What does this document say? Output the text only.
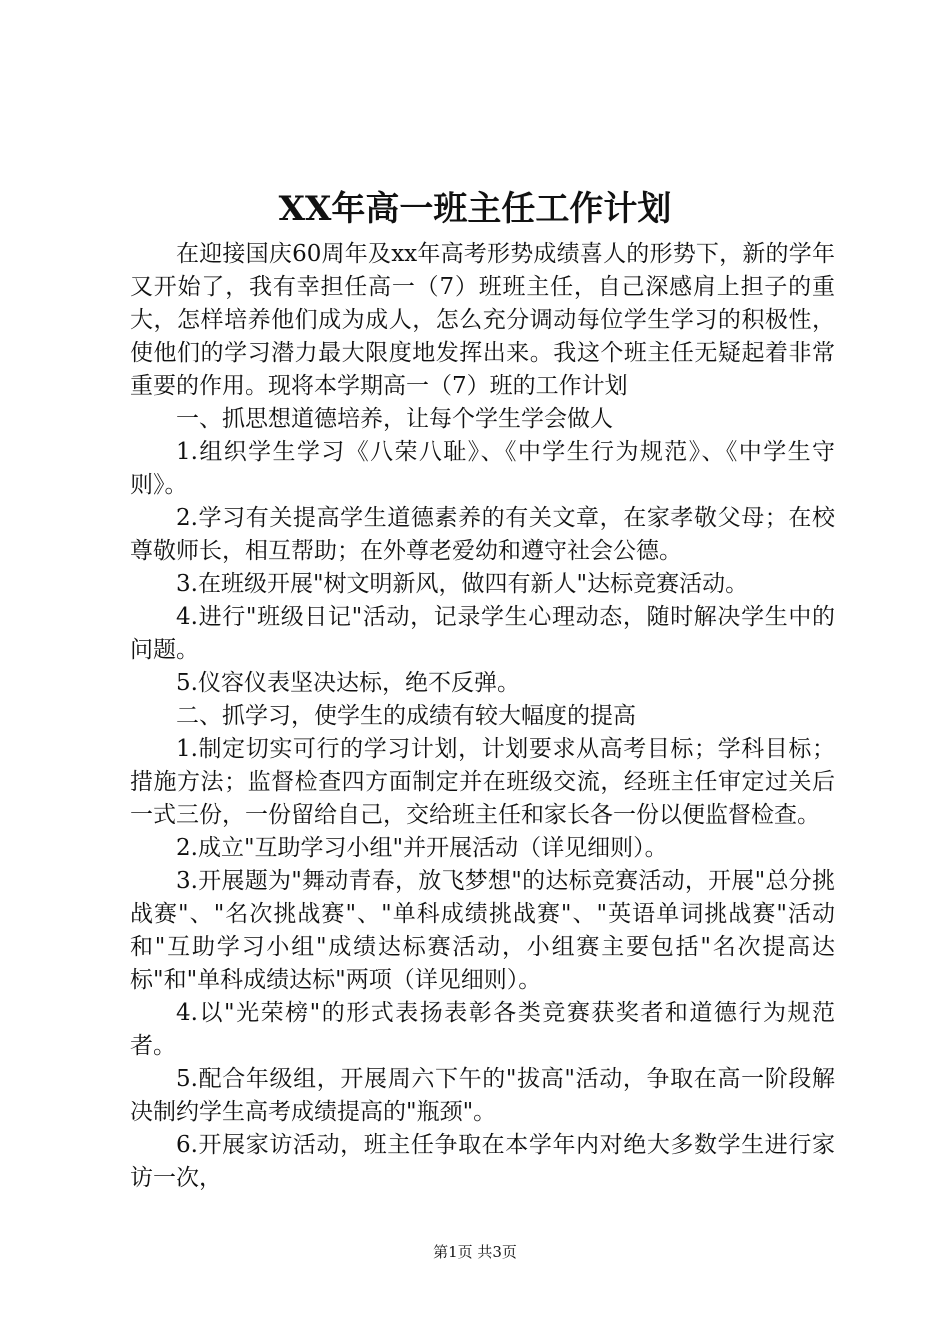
XX年高一班主任工作计划

在迎接国庆60周年及xx年高考形势成绩喜人的形势下，新的学年又开始了，我有幸担任高一（7）班班主任，自己深感肩上担子的重大，怎样培养他们成为成人，怎么充分调动每位学生学习的积极性，使他们的学习潜力最大限度地发挥出来。我这个班主任无疑起着非常重要的作用。现将本学期高一（7）班的工作计划

一、抓思想道德培养，让每个学生学会做人

1.组织学生学习《八荣八耻》、《中学生行为规范》、《中学生守则》。

2.学习有关提高学生道德素养的有关文章，在家孝敬父母；在校尊敬师长，相互帮助；在外尊老爱幼和遵守社会公德。

3.在班级开展"树文明新风，做四有新人"达标竞赛活动。

4.进行"班级日记"活动，记录学生心理动态，随时解决学生中的问题。

5.仪容仪表坚决达标，绝不反弹。

二、抓学习，使学生的成绩有较大幅度的提高

1.制定切实可行的学习计划，计划要求从高考目标；学科目标；措施方法；监督检查四方面制定并在班级交流，经班主任审定过关后一式三份，一份留给自己，交给班主任和家长各一份以便监督检查。

2.成立"互助学习小组"并开展活动（详见细则）。

3.开展题为"舞动青春，放飞梦想"的达标竞赛活动，开展"总分挑战赛"、"名次挑战赛"、"单科成绩挑战赛"、"英语单词挑战赛"活动和"互助学习小组"成绩达标赛活动，小组赛主要包括"名次提高达标"和"单科成绩达标"两项（详见细则）。

4.以"光荣榜"的形式表扬表彰各类竞赛获奖者和道德行为规范者。

5.配合年级组，开展周六下午的"拔高"活动，争取在高一阶段解决制约学生高考成绩提高的"瓶颈"。

6.开展家访活动，班主任争取在本学年内对绝大多数学生进行家访一次，

第1页 共3页
